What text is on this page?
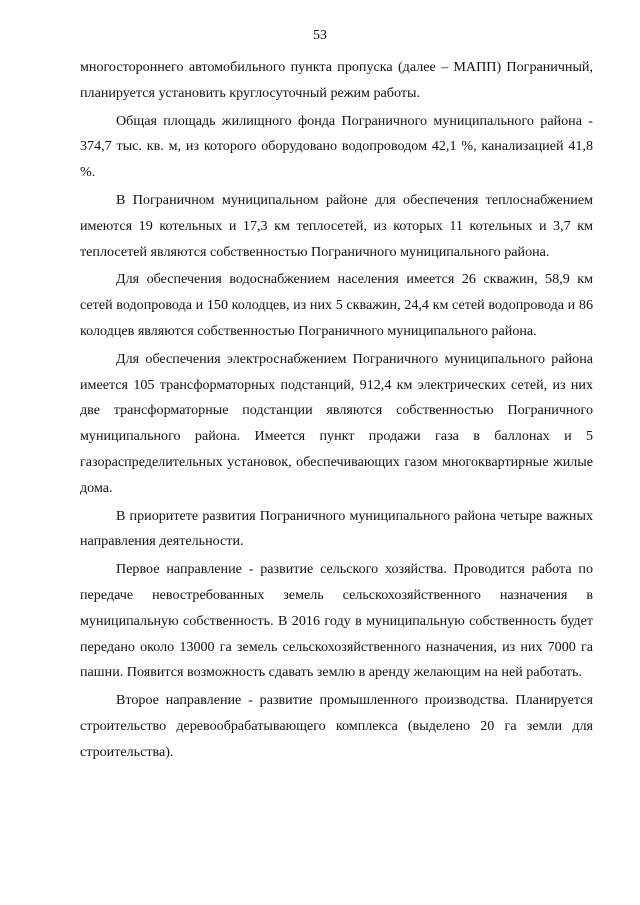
53

многостороннего автомобильного пункта пропуска (далее – МАПП) Пограничный, планируется установить круглосуточный режим работы.

Общая площадь жилищного фонда Пограничного муниципального района - 374,7 тыс. кв. м, из которого оборудовано водопроводом 42,1 %, канализацией 41,8 %.

В Пограничном муниципальном районе для обеспечения теплоснабжением имеются 19 котельных и 17,3 км теплосетей, из которых 11 котельных и 3,7 км теплосетей являются собственностью Пограничного муниципального района.

Для обеспечения водоснабжением населения имеется 26 скважин, 58,9 км сетей водопровода и 150 колодцев, из них 5 скважин, 24,4 км сетей водопровода и 86 колодцев являются собственностью Пограничного муниципального района.

Для обеспечения электроснабжением Пограничного муниципального района имеется 105 трансформаторных подстанций, 912,4 км электрических сетей, из них две трансформаторные подстанции являются собственностью Пограничного муниципального района. Имеется пункт продажи газа в баллонах и 5 газораспределительных установок, обеспечивающих газом многоквартирные жилые дома.

В приоритете развития Пограничного муниципального района четыре важных направления деятельности.

Первое направление - развитие сельского хозяйства. Проводится работа по передаче невостребованных земель сельскохозяйственного назначения в муниципальную собственность. В 2016 году в муниципальную собственность будет передано около 13000 га земель сельскохозяйственного назначения, из них 7000 га пашни. Появится возможность сдавать землю в аренду желающим на ней работать.

Второе направление - развитие промышленного производства. Планируется строительство деревообрабатывающего комплекса (выделено 20 га земли для строительства).
